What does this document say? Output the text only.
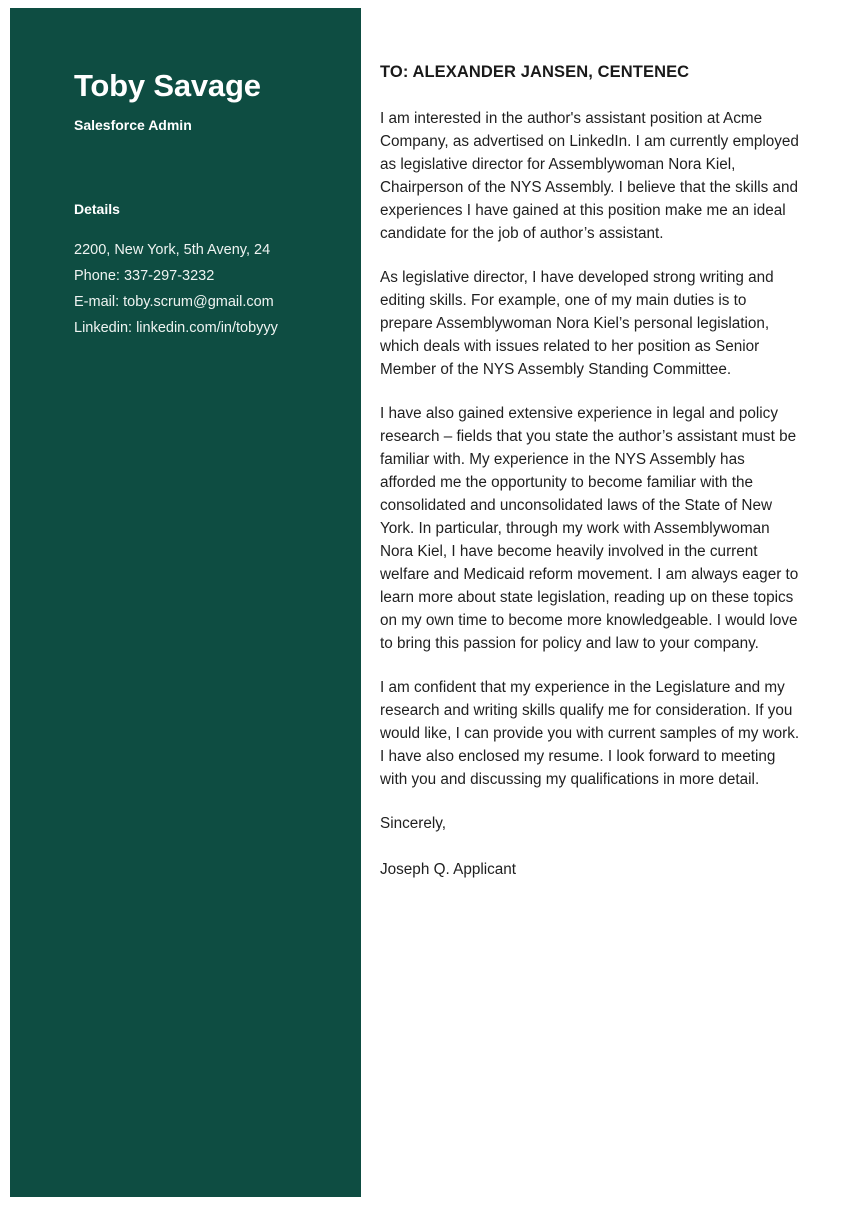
Toby Savage

Salesforce Admin

Details

2200, New York, 5th Aveny, 24

Phone: 337-297-3232

E-mail: toby.scrum@gmail.com

Linkedin: linkedin.com/in/tobyyy

TO: ALEXANDER JANSEN, CENTENEC

I am interested in the author's assistant position at Acme Company, as advertised on LinkedIn. I am currently employed as legislative director for Assemblywoman Nora Kiel, Chairperson of the NYS Assembly. I believe that the skills and experiences I have gained at this position make me an ideal candidate for the job of author’s assistant.

As legislative director, I have developed strong writing and editing skills. For example, one of my main duties is to prepare Assemblywoman Nora Kiel’s personal legislation, which deals with issues related to her position as Senior Member of the NYS Assembly Standing Committee.

I have also gained extensive experience in legal and policy research – fields that you state the author’s assistant must be familiar with. My experience in the NYS Assembly has afforded me the opportunity to become familiar with the consolidated and unconsolidated laws of the State of New York. In particular, through my work with Assemblywoman Nora Kiel, I have become heavily involved in the current welfare and Medicaid reform movement. I am always eager to learn more about state legislation, reading up on these topics on my own time to become more knowledgeable. I would love to bring this passion for policy and law to your company.

I am confident that my experience in the Legislature and my research and writing skills qualify me for consideration. If you would like, I can provide you with current samples of my work. I have also enclosed my resume. I look forward to meeting with you and discussing my qualifications in more detail.

Sincerely,

Joseph Q. Applicant
